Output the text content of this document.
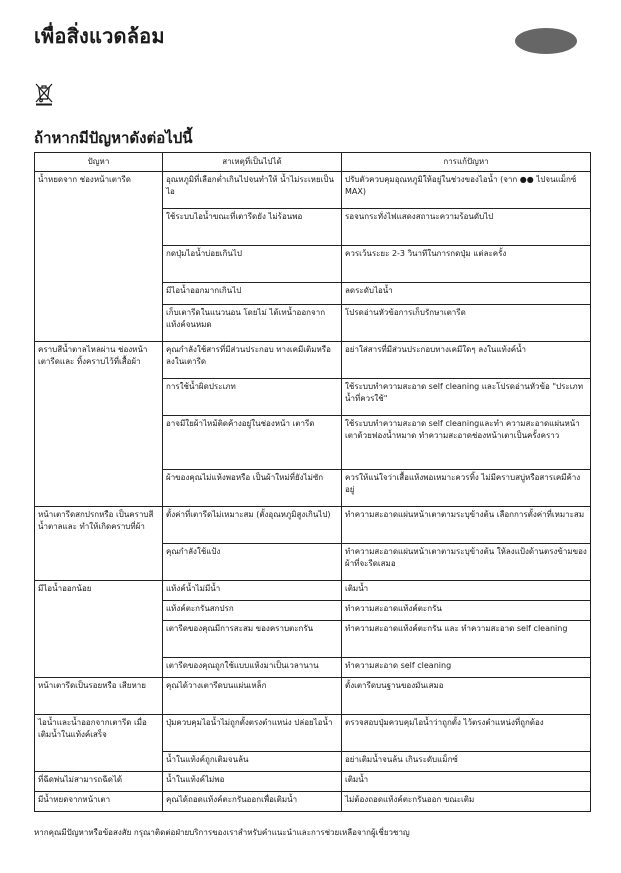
เพื่อสิ่งแวดล้อม
ถ้าหากมีปัญหาดังต่อไปนี้
ปัญหา	สาเหตุที่เป็นไปได้	การแก้ปัญหา
น้ำหยดจาก ช่องหน้าเตารีด	อุณหภูมิที่เลือกต่ำเกินไปจนทำให้ น้ำไม่ระเหยเป็นไอ	ปรับตัวควบคุมอุณหภูมิให้อยู่ในช่วงของไอน้ำ (จาก ●● ไปจนแม็กซ์ MAX)
	ใช้ระบบไอน้ำขณะที่เตารีดยัง ไม่ร้อนพอ	รอจนกระทั่งไฟแสดงสถานะความร้อนดับไป
	กดปุ่มไอน้ำบ่อยเกินไป	ควรเว้นระยะ 2-3 วินาทีในการกดปุ่ม แต่ละครั้ง
	มีไอน้ำออกมากเกินไป	ลดระดับไอน้ำ
	เก็บเตารีดในแนวนอน โดยไม่ ได้เทน้ำออกจากแท้งค์จนหมด	โปรดอ่านหัวข้อการเก็บรักษาเตารีด
คราบสีน้ำตาลไหลผ่าน ช่องหน้าเตารีดและ ทิ้งคราบไว้ที่เสื้อผ้า	คุณกำลังใช้สารที่มีส่วนประกอบ ทางเคมีเติมหรือลงในเตารีด	อย่าใส่สารที่มีส่วนประกอบทางเคมีใดๆ ลงในแท้งค์น้ำ
	การใช้น้ำผิดประเภท	ใช้ระบบทำความสะอาด self cleaning และโปรดอ่านหัวข้อ "ประเภทน้ำที่ควรใช้"
	อาจมีใยผ้าไหม้ติดค้างอยู่ในช่องหน้า เตารีด	ใช้ระบบทำความสะอาด self cleaningและทำ ความสะอาดแผ่นหน้าเตาด้วยฟองน้ำหมาด ทำความสะอาดช่องหน้าเตาเป็นครั้งคราว
	ผ้าของคุณไม่แห้งพอหรือ เป็นผ้าใหม่ที่ยังไม่ซัก	ควรให้แน่ใจว่าเสื้อแห้งพอเหมาะควรทิ้ง ไม่มีคราบสบู่หรือสารเคมีค้างอยู่
หน้าเตารีดสกปรกหรือ เป็นคราบสีน้ำตาลและ ทำให้เกิดคราบที่ผ้า	ตั้งค่าที่เตารีดไม่เหมาะสม (ตั้งอุณหภูมิสูงเกินไป)	ทำความสะอาดแผ่นหน้าเตาตามระบุข้างต้น เลือกการตั้งค่าที่เหมาะสม
	คุณกำลังใช้แป้ง	ทำความสะอาดแผ่นหน้าเตาตามระบุข้างต้น ให้ลงแป้งด้านตรงข้ามของผ้าที่จะรีดเสมอ
มีไอน้ำออกน้อย	แท้งค์น้ำไม่มีน้ำ	เติมน้ำ
	แท้งค์ตะกรันสกปรก	ทำความสะอาดแท้งค์ตะกรัน
	เตารีดของคุณมีการสะสม ของคราบตะกรัน	ทำความสะอาดแท้งค์ตะกรัน และ ทำความสะอาด self cleaning
	เตารีดของคุณถูกใช้แบบแห้งมาเป็นเวลานาน	ทำความสะอาด self cleaning
หน้าเตารีดเป็นรอยหรือ เสียหาย	คุณได้วางเตารีดบนแผ่นเหล็ก	ตั้งเตารีดบนฐานของมันเสมอ
ไอน้ำและน้ำออกจากเตารีด เมื่อเติมน้ำในแท้งค์เสร็จ	ปุ่มควบคุมไอน้ำไม่ถูกตั้งตรงตำแหน่ง ปล่อยไอน้ำ	ตรวจสอบปุ่มควบคุมไอน้ำว่าถูกตั้ง ไว้ตรงตำแหน่งที่ถูกต้อง
	น้ำในแท้งค์ถูกเติมจนล้น	อย่าเติมน้ำจนล้น เกินระดับแม็กซ์
ที่ฉีดพ่นไม่สามารถฉีดได้	น้ำในแท้งค์ไม่พอ	เติมน้ำ
มีน้ำหยดจากหน้าเตา	คุณได้ถอดแท้งค์ตะกรันออกเพื่อเติมน้ำ	ไม่ต้องถอดแท้งค์ตะกรันออก ขณะเติม
หากคุณมีปัญหาหรือข้อสงสัย กรุณาติดต่อฝ่ายบริการของเราสำหรับคำแนะนำและการช่วยเหลือจากผู้เชี่ยวชาญ
